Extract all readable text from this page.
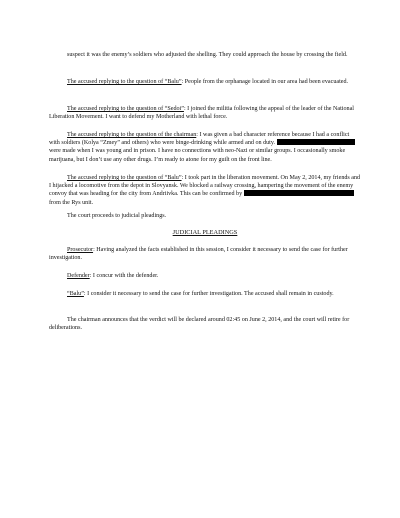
suspect it was the enemy’s soldiers who adjusted the shelling. They could approach the house by crossing the field.

The accused replying to the question of “Balu”: People from the orphanage located in our area had been evacuated.

The accused replying to the question of “Sedoi”: I joined the militia following the appeal of the leader of the National Liberation Movement. I want to defend my Motherland with lethal force.

The accused replying to the question of the chairman: I was given a bad character reference because I had a conflict with soldiers (Kolya “Zmey” and others) who were binge-drinking while armed and on duty.  were made when I was young and in prison. I have no connections with neo-Nazi or similar groups. I occasionally smoke marijuana, but I don’t use any other drugs. I’m ready to atone for my guilt on the front line.

The accused replying to the question of “Balu”: I took part in the liberation movement. On May 2, 2014, my friends and I hijacked a locomotive from the depot in Slovyansk. We blocked a railway crossing, hampering the movement of the enemy convoy that was heading for the city from Andriivka. This can be confirmed by  from the Rys unit.

The court proceeds to judicial pleadings.

JUDICIAL PLEADINGS

Prosecutor: Having analyzed the facts established in this session, I consider it necessary to send the case for further investigation.

Defender: I concur with the defender.

“Balu”: I consider it necessary to send the case for further investigation. The accused shall remain in custody.

The chairman announces that the verdict will be declared around 02:45 on June 2, 2014, and the court will retire for deliberations.
